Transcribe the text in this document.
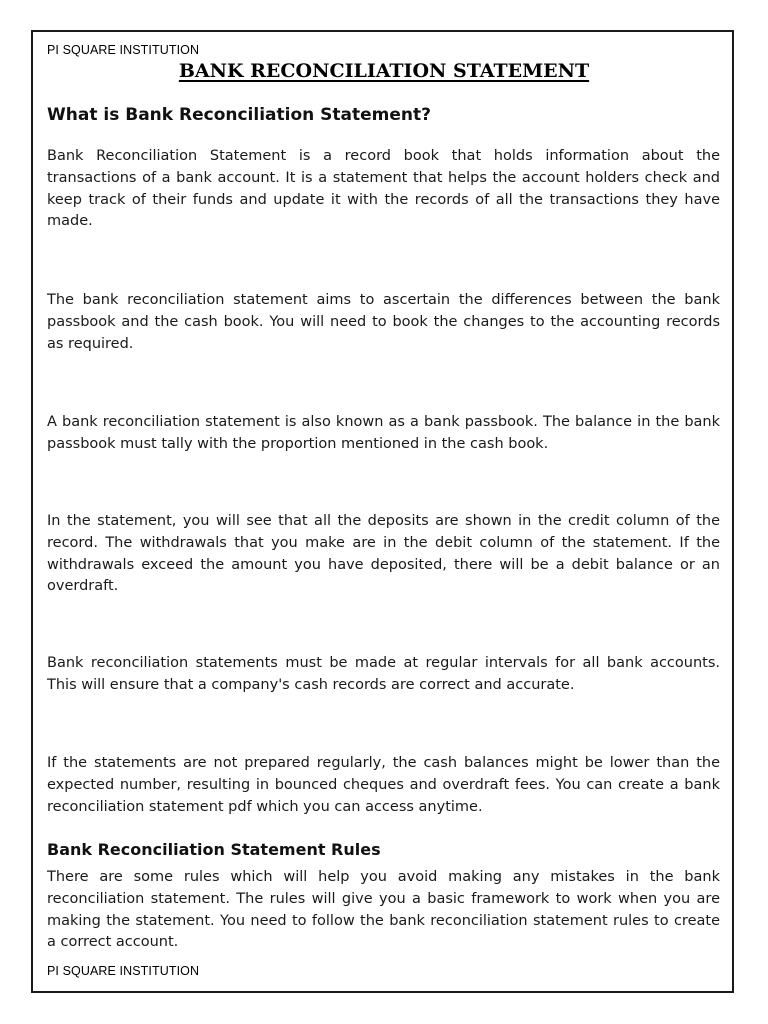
PI SQUARE INSTITUTION
BANK RECONCILIATION STATEMENT
What is Bank Reconciliation Statement?

Bank Reconciliation Statement is a record book that holds information about the transactions of a bank account. It is a statement that helps the account holders check and keep track of their funds and update it with the records of all the transactions they have made.

The bank reconciliation statement aims to ascertain the differences between the bank passbook and the cash book. You will need to book the changes to the accounting records as required.

A bank reconciliation statement is also known as a bank passbook. The balance in the bank passbook must tally with the proportion mentioned in the cash book.

In the statement, you will see that all the deposits are shown in the credit column of the record. The withdrawals that you make are in the debit column of the statement. If the withdrawals exceed the amount you have deposited, there will be a debit balance or an overdraft.

Bank reconciliation statements must be made at regular intervals for all bank accounts. This will ensure that a company's cash records are correct and accurate.

If the statements are not prepared regularly, the cash balances might be lower than the expected number, resulting in bounced cheques and overdraft fees. You can create a bank reconciliation statement pdf which you can access anytime.

Bank Reconciliation Statement Rules

There are some rules which will help you avoid making any mistakes in the bank reconciliation statement. The rules will give you a basic framework to work when you are making the statement. You need to follow the bank reconciliation statement rules to create a correct account.

PI SQUARE INSTITUTION
